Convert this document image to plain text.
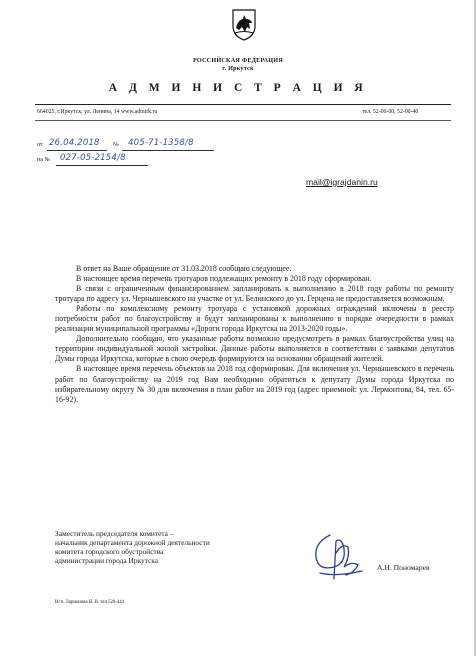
РОССИЙСКАЯ ФЕДЕРАЦИЯ
г. Иркутск
А Д М И Н И С Т Р А Ц И Я
664025, г.Иркутск, ул. Ленина, 14 www.admirk.ru	тел. 52-00-00, 52-00-40
от 26.04.2018 № 405-71-1358/8
на № 027-05-2154/8
mail@igrajdanin.ru

В ответ на Ваше обращение от 31.03.2018 сообщаю следующее.

В настоящее время перечень тротуаров подлежащих ремонту в 2018 году сформирован.

В связи с ограниченным финансированием запланировать к выполнению в 2018 году работы по ремонту тротуара по адресу ул. Чернышевского на участке от ул. Белинского до ул. Герцена не предоставляется возможным.

Работы по комплексному ремонту тротуара с установкой дорожных ограждений включены в реестр потребности работ по благоустройству и будут запланированы к выполнению в порядке очередности в рамках реализации муниципальной программы «Дороги города Иркутска на 2013-2020 годы».

Дополнительно сообщаю, что указанные работы возможно предусмотреть в рамках благоустройства улиц на территории индивидуальной жилой застройки. Данные работы выполняется в соответствии с заявками депутатов Думы города Иркутска, которые в свою очередь формируются на основании обращений жителей.

В настоящее время перечень объектов на 2018 год сформирован. Для включения ул. Чернышевского в перечень работ по благоустройству на 2019 год Вам необходимо обратиться к депутату Думы города Иркутска по избирательному округу № 30 для включения в план работ на 2019 год (адрес приемной: ул. Лермонтова, 84, тел. 65-16-92).

Заместитель председателя комитета –
начальник департамента дорожной деятельности
комитета городского обустройства
администрации города Иркутска
А.Н. Пономарев
Исп. Ларионова Н. В. тел.520-444
